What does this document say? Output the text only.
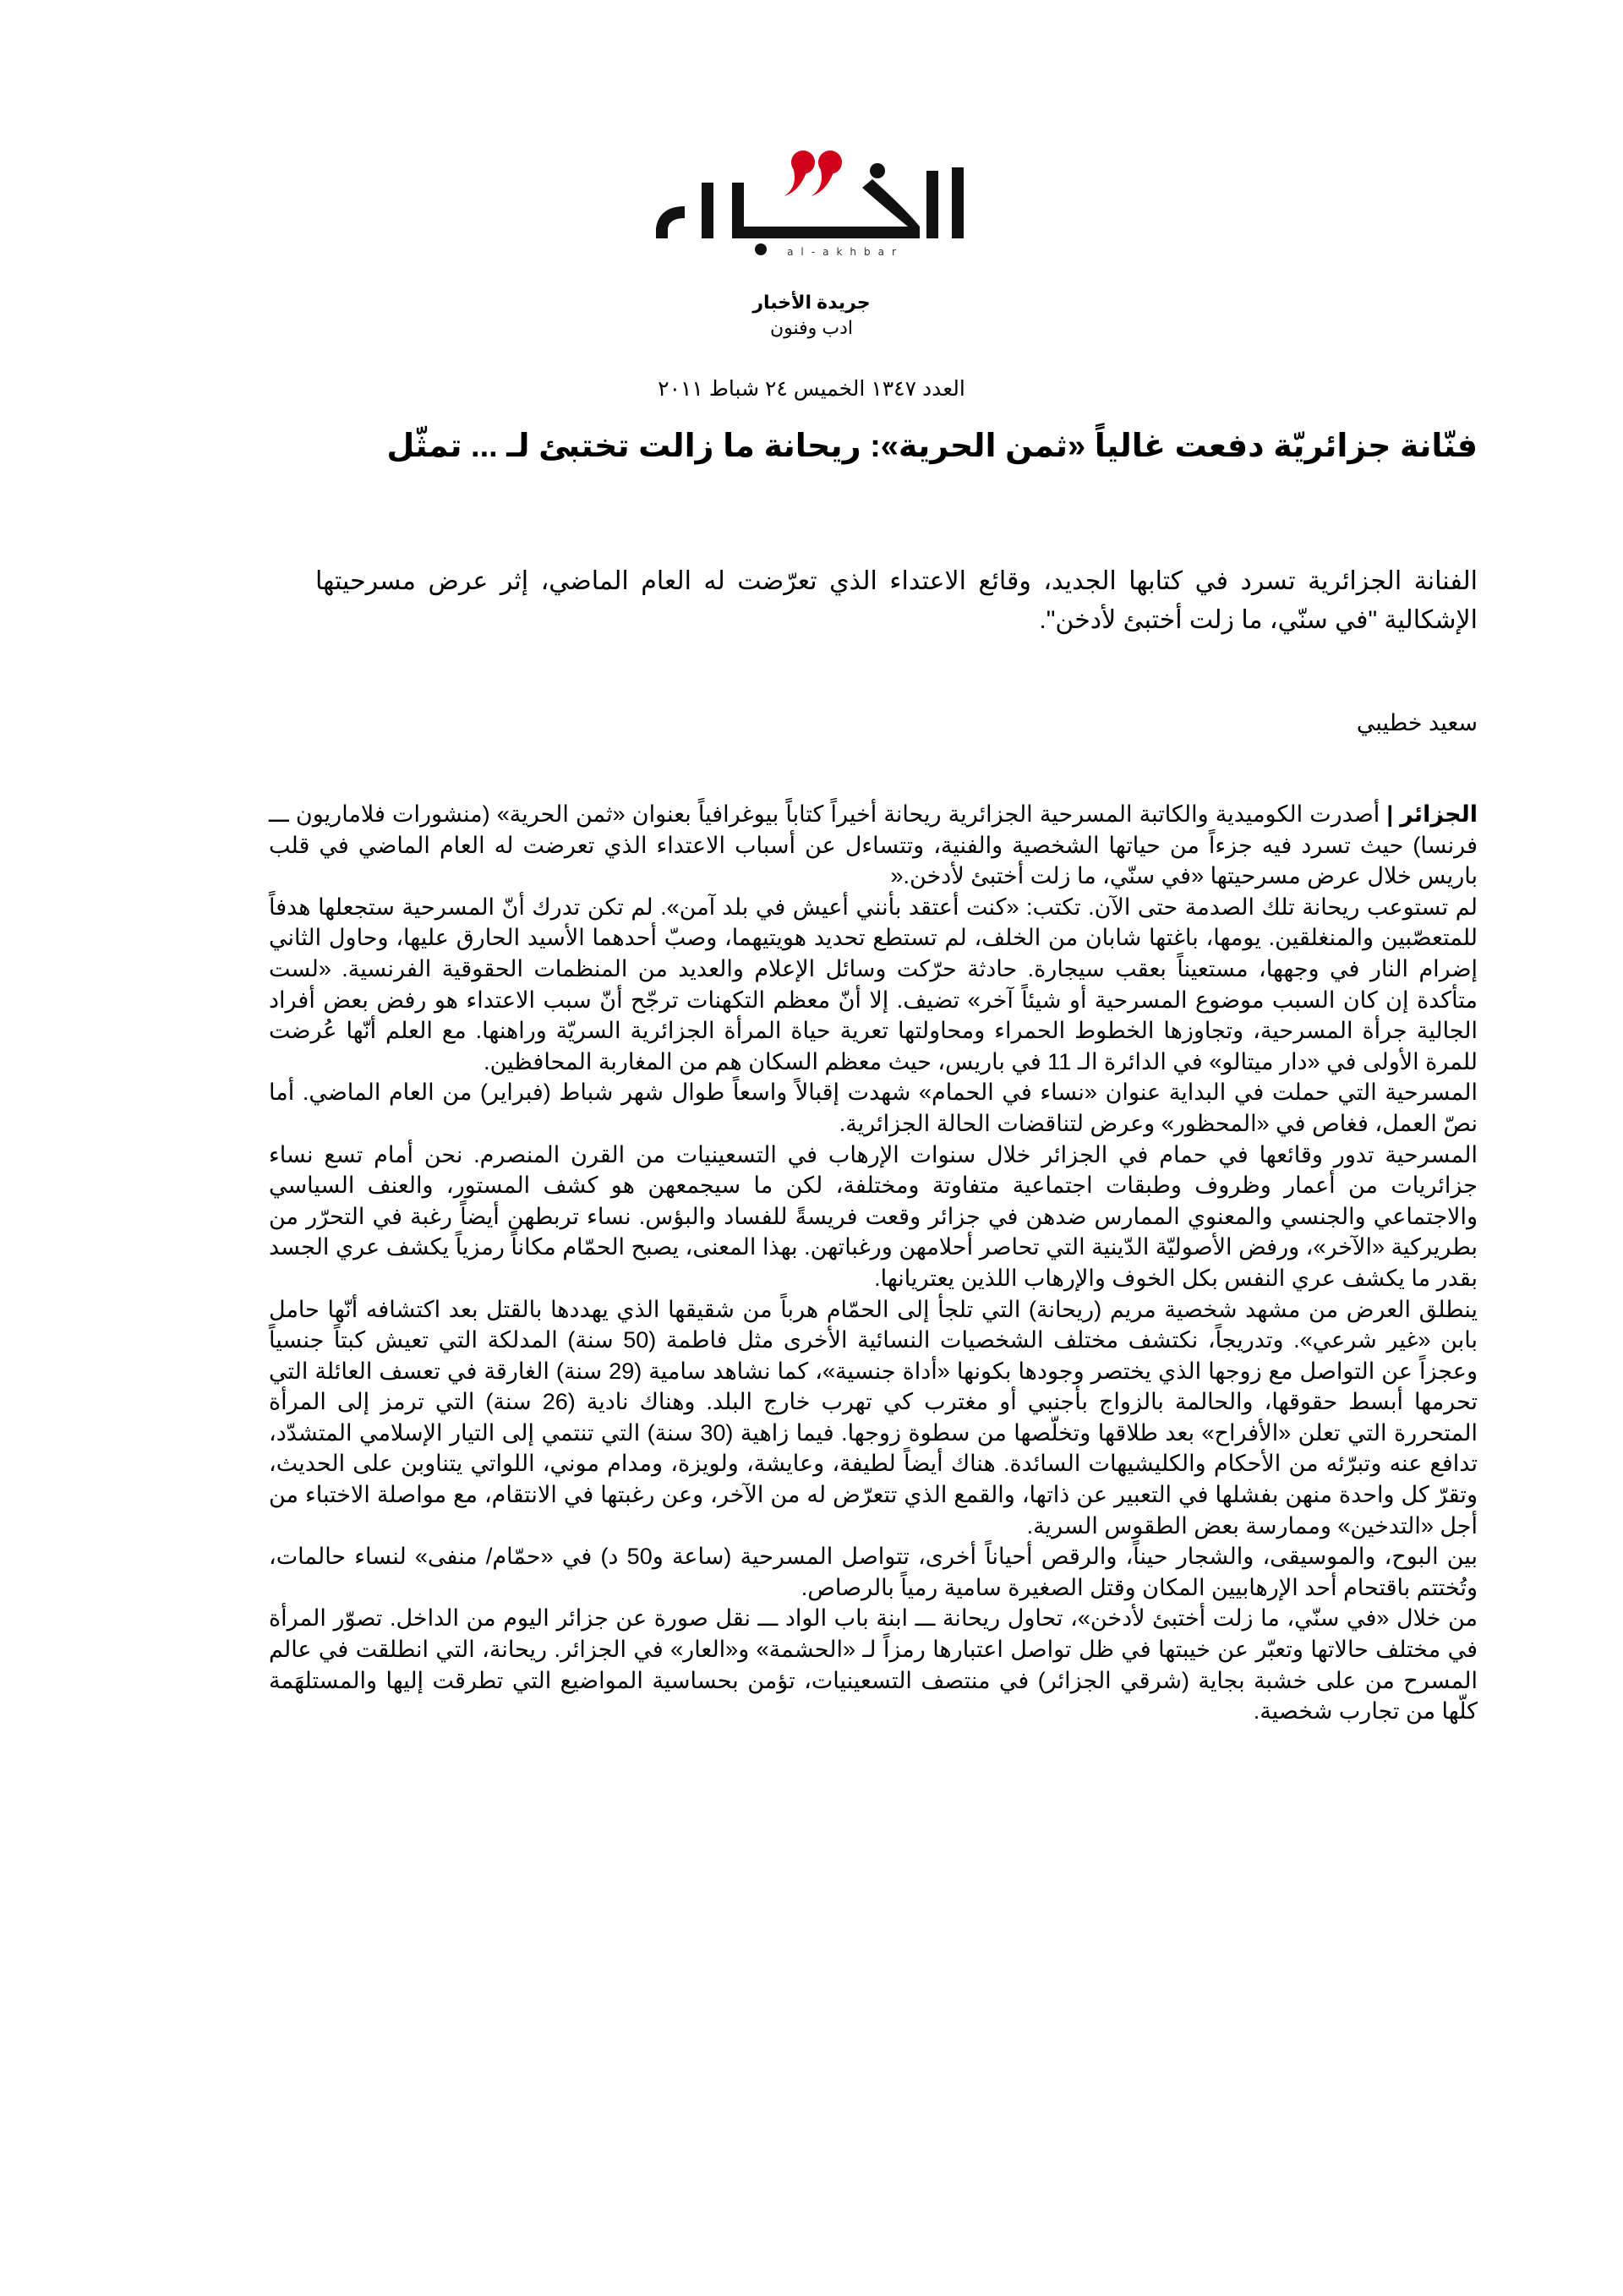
al-akhbar
جريدة الأخبار
ادب وفنون
العدد ١٣٤٧ الخميس ٢٤ شباط ٢٠١١
فنّانة جزائريّة دفعت غالياً «ثمن الحرية»: ريحانة ما زالت تختبئ لـ ... تمثّل
الفنانة الجزائرية تسرد في كتابها الجديد، وقائع الاعتداء الذي تعرّضت له العام الماضي، إثر عرض مسرحيتها الإشكالية "في سنّي، ما زلت أختبئ لأدخن".
سعيد خطيبي

الجزائر | أصدرت الكوميدية والكاتبة المسرحية الجزائرية ريحانة أخيراً كتاباً بيوغرافياً بعنوان «ثمن الحرية» (منشورات فلاماريون ـــ فرنسا) حيث تسرد فيه جزءاً من حياتها الشخصية والفنية، وتتساءل عن أسباب الاعتداء الذي تعرضت له العام الماضي في قلب باريس خلال عرض مسرحيتها «في سنّي، ما زلت أختبئ لأدخن.«

لم تستوعب ريحانة تلك الصدمة حتى الآن. تكتب: «كنت أعتقد بأنني أعيش في بلد آمن». لم تكن تدرك أنّ المسرحية ستجعلها هدفاً للمتعصّبين والمنغلقين. يومها، باغتها شابان من الخلف، لم تستطع تحديد هويتيهما، وصبّ أحدهما الأسيد الحارق عليها، وحاول الثاني إضرام النار في وجهها، مستعيناً بعقب سيجارة. حادثة حرّكت وسائل الإعلام والعديد من المنظمات الحقوقية الفرنسية. «لست متأكدة إن كان السبب موضوع المسرحية أو شيئاً آخر» تضيف. إلا أنّ معظم التكهنات ترجّح أنّ سبب الاعتداء هو رفض بعض أفراد الجالية جرأة المسرحية، وتجاوزها الخطوط الحمراء ومحاولتها تعرية حياة المرأة الجزائرية السريّة وراهنها. مع العلم أنّها عُرضت للمرة الأولى في «دار ميتالو» في الدائرة الـ 11 في باريس، حيث معظم السكان هم من المغاربة المحافظين.

المسرحية التي حملت في البداية عنوان «نساء في الحمام» شهدت إقبالاً واسعاً طوال شهر شباط (فبراير) من العام الماضي. أما نصّ العمل، فغاص في «المحظور» وعرض لتناقضات الحالة الجزائرية.

المسرحية تدور وقائعها في حمام في الجزائر خلال سنوات الإرهاب في التسعينيات من القرن المنصرم. نحن أمام تسع نساء جزائريات من أعمار وظروف وطبقات اجتماعية متفاوتة ومختلفة، لكن ما سيجمعهن هو كشف المستور، والعنف السياسي والاجتماعي والجنسي والمعنوي الممارس ضدهن في جزائر وقعت فريسةً للفساد والبؤس. نساء تربطهن أيضاً رغبة في التحرّر من بطريركية «الآخر»، ورفض الأصوليّة الدّينية التي تحاصر أحلامهن ورغباتهن. بهذا المعنى، يصبح الحمّام مكاناً رمزياً يكشف عري الجسد بقدر ما يكشف عري النفس بكل الخوف والإرهاب اللذين يعتريانها.

ينطلق العرض من مشهد شخصية مريم (ريحانة) التي تلجأ إلى الحمّام هرباً من شقيقها الذي يهددها بالقتل بعد اكتشافه أنّها حامل بابن «غير شرعي». وتدريجاً، نكتشف مختلف الشخصيات النسائية الأخرى مثل فاطمة (50 سنة) المدلكة التي تعيش كبتاً جنسياً وعجزاً عن التواصل مع زوجها الذي يختصر وجودها بكونها «أداة جنسية»، كما نشاهد سامية (29 سنة) الغارقة في تعسف العائلة التي تحرمها أبسط حقوقها، والحالمة بالزواج بأجنبي أو مغترب كي تهرب خارج البلد. وهناك نادية (26 سنة) التي ترمز إلى المرأة المتحررة التي تعلن «الأفراح» بعد طلاقها وتخلّصها من سطوة زوجها. فيما زاهية (30 سنة) التي تنتمي إلى التيار الإسلامي المتشدّد، تدافع عنه وتبرّئه من الأحكام والكليشيهات السائدة. هناك أيضاً لطيفة، وعايشة، ولويزة، ومدام موني، اللواتي يتناوبن على الحديث، وتقرّ كل واحدة منهن بفشلها في التعبير عن ذاتها، والقمع الذي تتعرّض له من الآخر، وعن رغبتها في الانتقام، مع مواصلة الاختباء من أجل «التدخين» وممارسة بعض الطقوس السرية.

بين البوح، والموسيقى، والشجار حيناً، والرقص أحياناً أخرى، تتواصل المسرحية (ساعة و50 د) في «حمّام/ منفى» لنساء حالمات، وتُختتم باقتحام أحد الإرهابيين المكان وقتل الصغيرة سامية رمياً بالرصاص.

من خلال «في سنّي، ما زلت أختبئ لأدخن»، تحاول ريحانة ـــ ابنة باب الواد ـــ نقل صورة عن جزائر اليوم من الداخل. تصوّر المرأة في مختلف حالاتها وتعبّر عن خيبتها في ظل تواصل اعتبارها رمزاً لـ «الحشمة» و«العار» في الجزائر. ريحانة، التي انطلقت في عالم المسرح من على خشبة بجاية (شرقي الجزائر) في منتصف التسعينيات، تؤمن بحساسية المواضيع التي تطرقت إليها والمستلهَمة كلّها من تجارب شخصية.
